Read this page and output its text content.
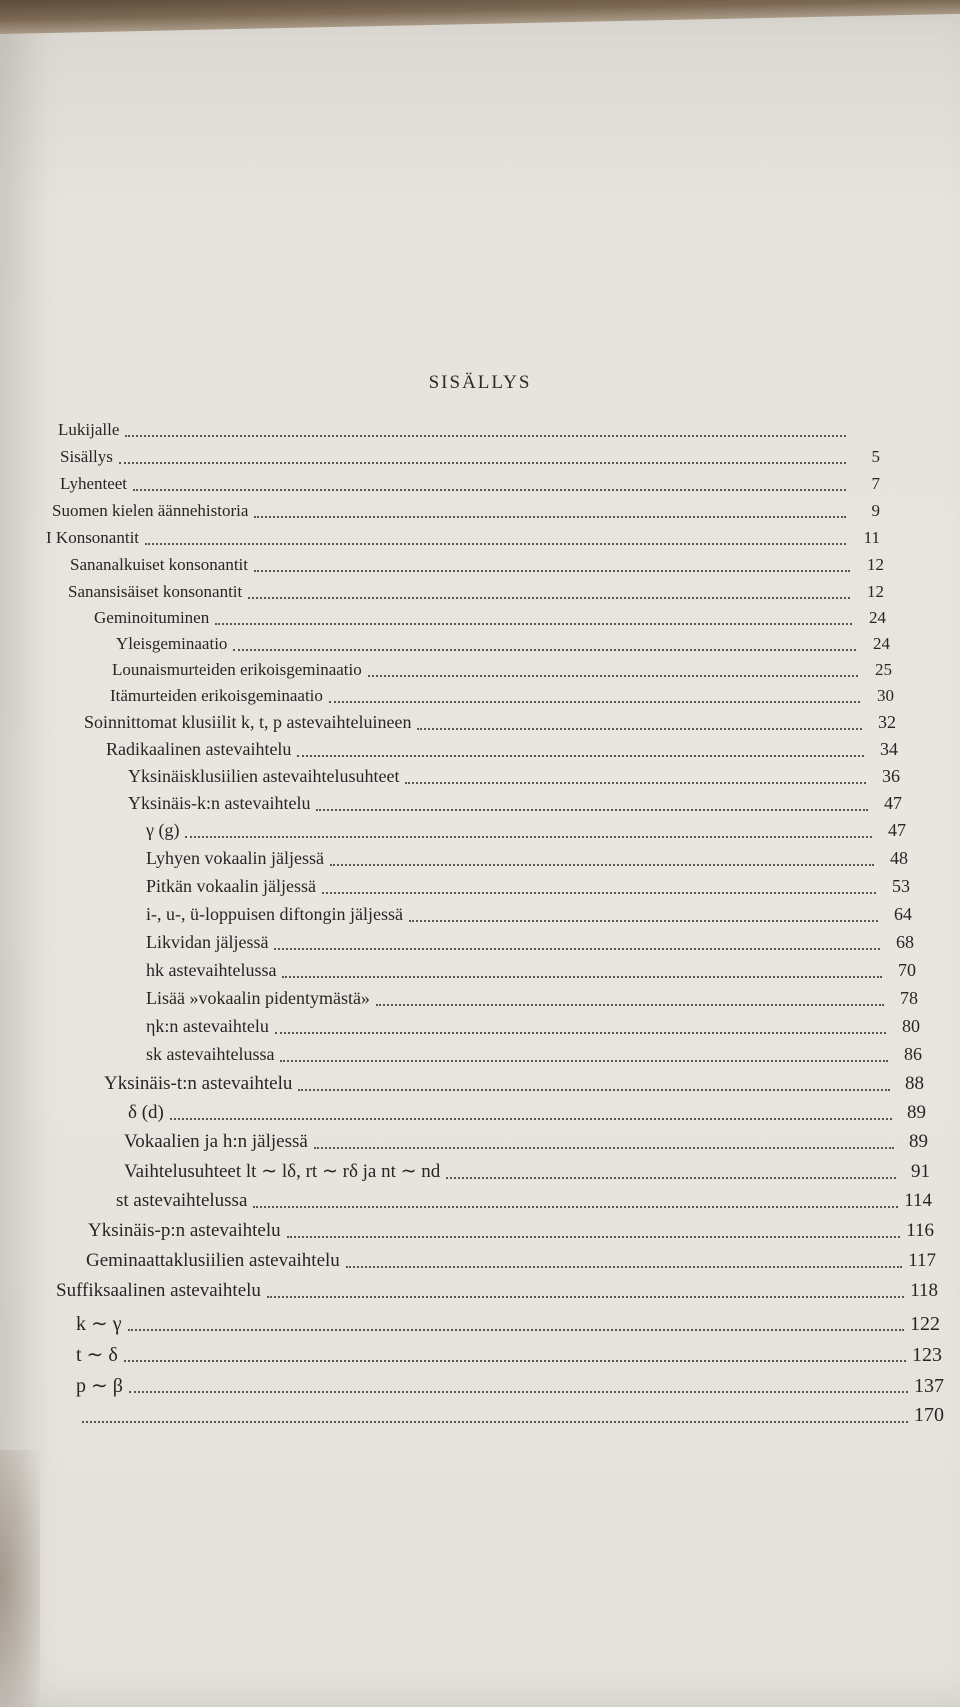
SISÄLLYS
Lukijalle
Sisällys	5
Lyhenteet	7
Suomen kielen äännehistoria	9
I Konsonantit	11
Sananalkuiset konsonantit	12
Sanansisäiset konsonantit	12
Geminoituminen	24
Yleisgeminaatio	24
Lounaismurteiden erikoisgeminaatio	25
Itämurteiden erikoisgeminaatio	30
Soinnittomat klusiilit k, t, p astevaihteluineen	32
Radikaalinen astevaihtelu	34
Yksinäisklusiilien astevaihtelusuhteet	36
Yksinäis-k:n astevaihtelu	47
γ (g)	47
Lyhyen vokaalin jäljessä	48
Pitkän vokaalin jäljessä	53
i-, u-, ü-loppuisen diftongin jäljessä	64
Likvidan jäljessä	68
hk astevaihtelussa	70
Lisää »vokaalin pidentymästä»	78
ηk:n astevaihtelu	80
sk astevaihtelussa	86
Yksinäis-t:n astevaihtelu	88
δ (d)	89
Vokaalien ja h:n jäljessä	89
Vaihtelusuhteet lt ∼ lδ, rt ∼ rδ ja nt ∼ nd	91
st astevaihtelussa	114
Yksinäis-p:n astevaihtelu	116
Geminaattaklusiilien astevaihtelu	117
Suffiksaalinen astevaihtelu	118
k ∼ γ	122
t ∼ δ	123
p ∼ β	137
170
